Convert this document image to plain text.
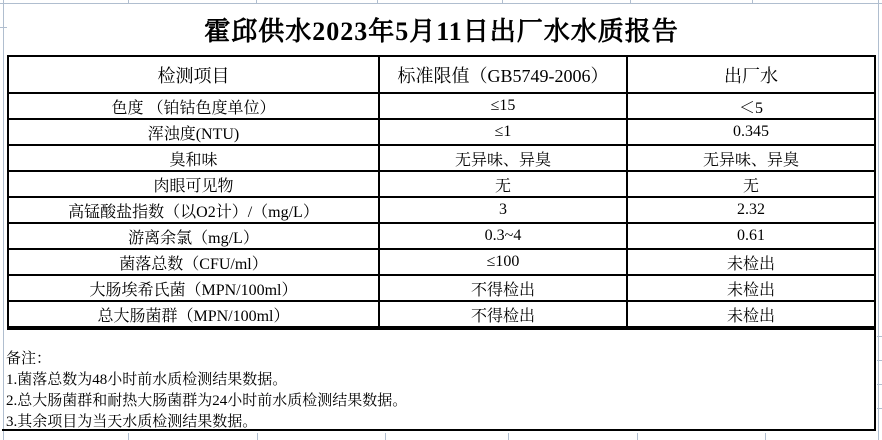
霍邱供水2023年5月11日出厂水水质报告
检测项目	标准限值（GB5749-2006）	出厂水
色度 （铂钴色度单位）	≤15	＜5
浑浊度(NTU)	≤1	0.345
臭和味	无异味、异臭	无异味、异臭
肉眼可见物	无	无
高锰酸盐指数（以O2计）/（mg/L）	3	2.32
游离余氯（mg/L）	0.3~4	0.61
菌落总数（CFU/ml）	≤100	未检出
大肠埃希氏菌（MPN/100ml）	不得检出	未检出
总大肠菌群（MPN/100ml）	不得检出	未检出
备注：
1.菌落总数为48小时前水质检测结果数据。
2.总大肠菌群和耐热大肠菌群为24小时前水质检测结果数据。
3.其余项目为当天水质检测结果数据。
